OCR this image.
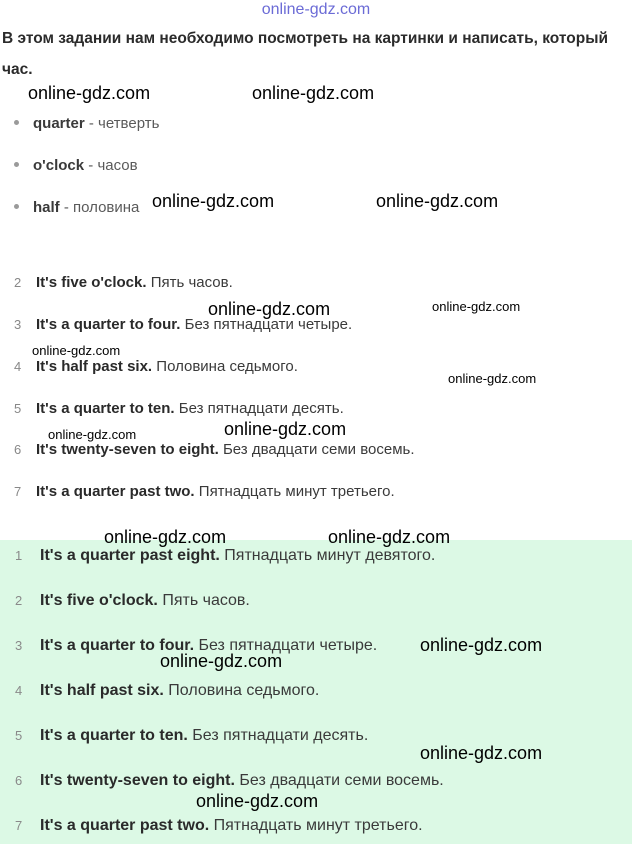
online-gdz.com
В этом задании нам необходимо посмотреть на картинки и написать, который час.
quarter - четверть
o'clock - часов
half - половина
2 It's five o'clock. Пять часов.
3 It's a quarter to four. Без пятнадцати четыре.
4 It's half past six. Половина седьмого.
5 It's a quarter to ten. Без пятнадцати десять.
6 It's twenty-seven to eight. Без двадцати семи восемь.
7 It's a quarter past two. Пятнадцать минут третьего.
1 It's a quarter past eight. Пятнадцать минут девятого.
2 It's five o'clock. Пять часов.
3 It's a quarter to four. Без пятнадцати четыре.
4 It's half past six. Половина седьмого.
5 It's a quarter to ten. Без пятнадцати десять.
6 It's twenty-seven to eight. Без двадцати семи восемь.
7 It's a quarter past two. Пятнадцать минут третьего.
online-gdz.com	online-gdz.com
online-gdz.com	online-gdz.com
online-gdz.com	online-gdz.com
online-gdz.com
online-gdz.com
online-gdz.com	online-gdz.com
online-gdz.com	online-gdz.com
online-gdz.com
online-gdz.com
online-gdz.com
online-gdz.com
